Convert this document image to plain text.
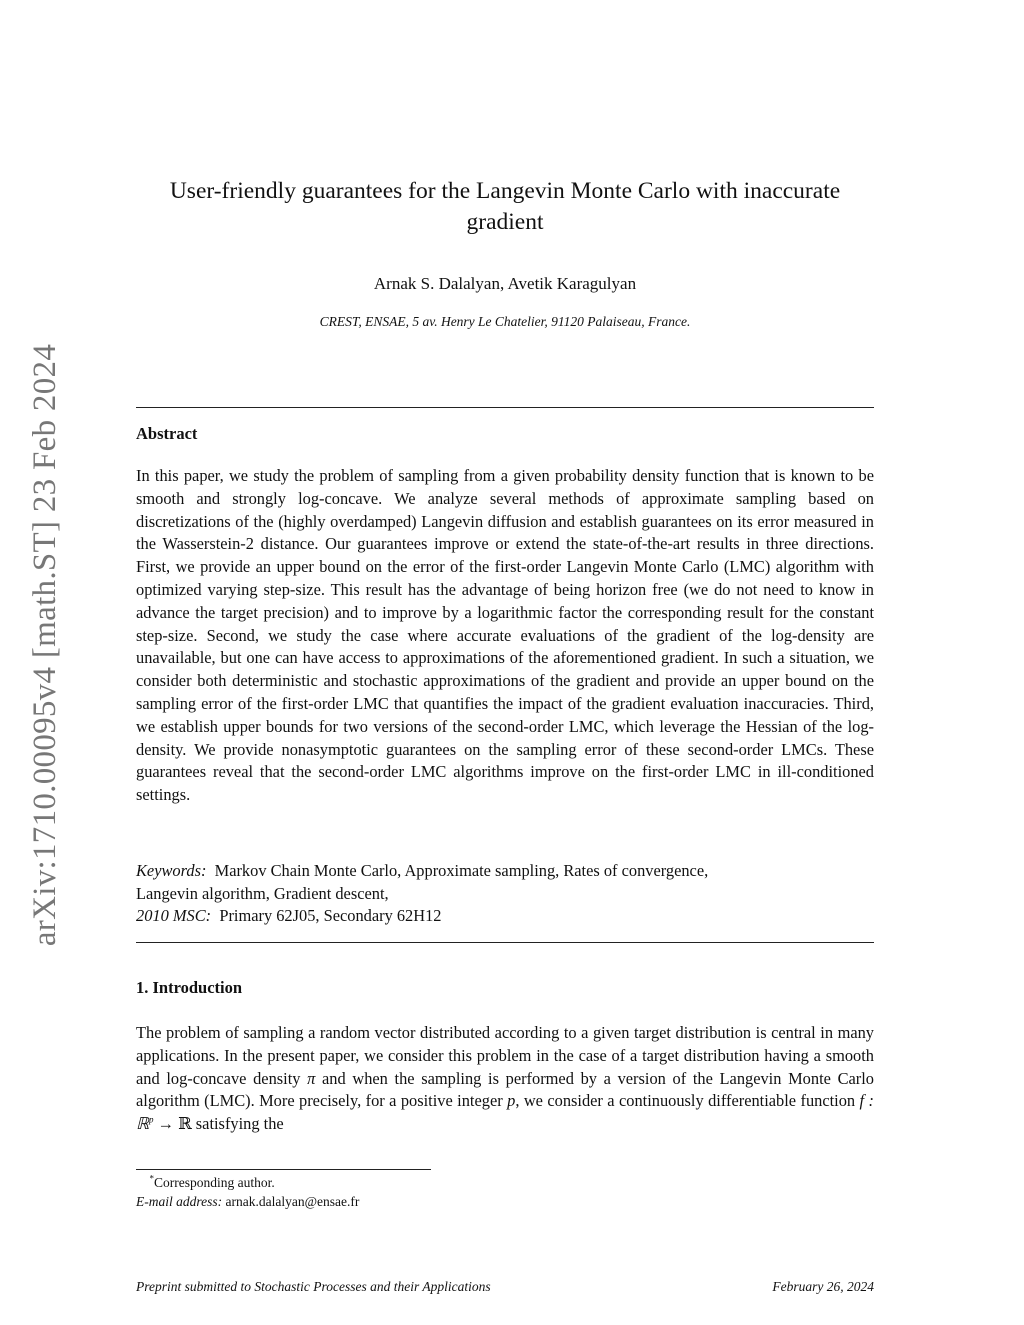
arXiv:1710.00095v4 [math.ST] 23 Feb 2024
User-friendly guarantees for the Langevin Monte Carlo with inaccurate gradient
Arnak S. Dalalyan, Avetik Karagulyan
CREST, ENSAE, 5 av. Henry Le Chatelier, 91120 Palaiseau, France.
Abstract
In this paper, we study the problem of sampling from a given probability density function that is known to be smooth and strongly log-concave. We analyze several methods of approximate sampling based on discretizations of the (highly overdamped) Langevin diffusion and establish guarantees on its error measured in the Wasserstein-2 distance. Our guarantees improve or extend the state-of-the-art results in three directions. First, we provide an upper bound on the error of the first-order Langevin Monte Carlo (LMC) algorithm with optimized varying step-size. This result has the advantage of being horizon free (we do not need to know in advance the target precision) and to improve by a logarithmic factor the corresponding result for the constant step-size. Second, we study the case where accurate evaluations of the gradient of the log-density are unavailable, but one can have access to approximations of the aforementioned gradient. In such a situation, we consider both deterministic and stochastic approximations of the gradient and provide an upper bound on the sampling error of the first-order LMC that quantifies the impact of the gradient evaluation inaccuracies. Third, we establish upper bounds for two versions of the second-order LMC, which leverage the Hessian of the log-density. We provide nonasymptotic guarantees on the sampling error of these second-order LMCs. These guarantees reveal that the second-order LMC algorithms improve on the first-order LMC in ill-conditioned settings.
Keywords: Markov Chain Monte Carlo, Approximate sampling, Rates of convergence,
Langevin algorithm, Gradient descent,
2010 MSC: Primary 62J05, Secondary 62H12
1. Introduction
The problem of sampling a random vector distributed according to a given target distribution is central in many applications. In the present paper, we consider this problem in the case of a target distribution having a smooth and log-concave density π and when the sampling is performed by a version of the Langevin Monte Carlo algorithm (LMC). More precisely, for a positive integer p, we consider a continuously differentiable function f : ℝ$^p$ → ℝ satisfying the
*Corresponding author.
E-mail address: arnak.dalalyan@ensae.fr
Preprint submitted to Stochastic Processes and their Applications	February 26, 2024
